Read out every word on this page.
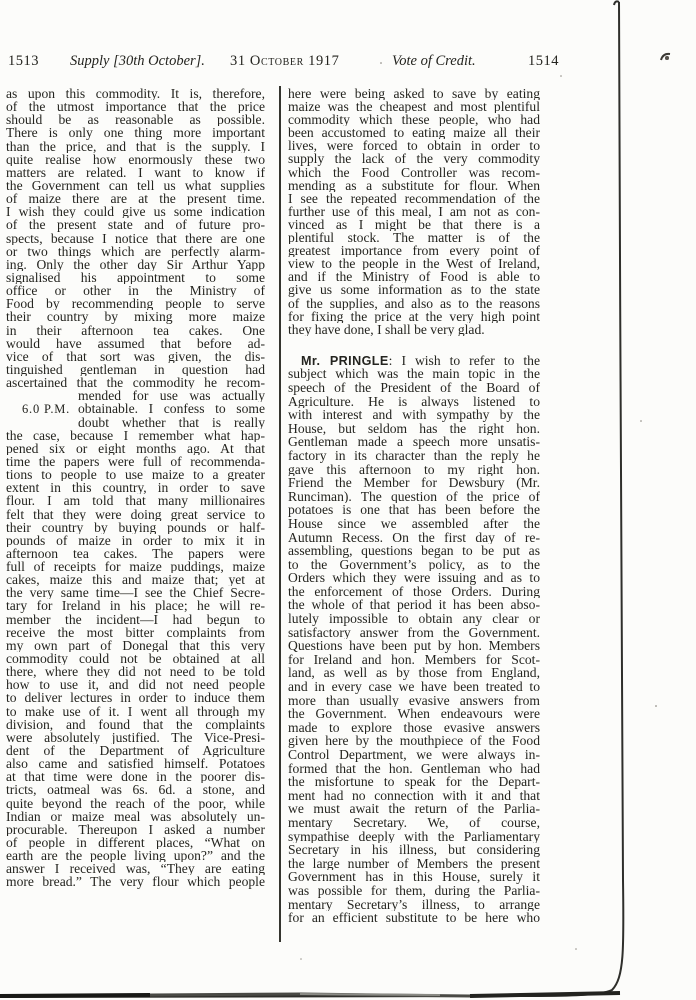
1513 Supply [30th October]. 31 October 1917	Vote of Credit.	1514
as upon this commodity. It is, therefore,
of the utmost importance that the price
should be as reasonable as possible.
There is only one thing more important
than the price, and that is the supply. I
quite realise how enormously these two
matters are related. I want to know if
the Government can tell us what supplies
of maize there are at the present time.
I wish they could give us some indication
of the present state and of future pro-
spects, because I notice that there are one
or two things which are perfectly alarm-
ing. Only the other day Sir Arthur Yapp
signalised his appointment to some
office or other in the Ministry of
Food by recommending people to serve
their country by mixing more maize
in their afternoon tea cakes. One
would have assumed that before ad-
vice of that sort was given, the dis-
tinguished gentleman in question had
ascertained that the commodity he recom-
6.0 P.M.
mended for use was actually
obtainable. I confess to some
doubt whether that is really
the case, because I remember what hap-
pened six or eight months ago. At that
time the papers were full of recommenda-
tions to people to use maize to a greater
extent in this country, in order to save
flour. I am told that many millionaires
felt that they were doing great service to
their country by buying pounds or half-
pounds of maize in order to mix it in
afternoon tea cakes. The papers were
full of receipts for maize puddings, maize
cakes, maize this and maize that; yet at
the very same time—I see the Chief Secre-
tary for Ireland in his place; he will re-
member the incident—I had begun to
receive the most bitter complaints from
my own part of Donegal that this very
commodity could not be obtained at all
there, where they did not need to be told
how to use it, and did not need people
to deliver lectures in order to induce them
to make use of it. I went all through my
division, and found that the complaints
were absolutely justified. The Vice-Presi-
dent of the Department of Agriculture
also came and satisfied himself. Potatoes
at that time were done in the poorer dis-
tricts, oatmeal was 6s. 6d. a stone, and
quite beyond the reach of the poor, while
Indian or maize meal was absolutely un-
procurable. Thereupon I asked a number
of people in different places, “What on
earth are the people living upon?” and the
answer I received was, “They are eating
more bread.” The very flour which people
here were being asked to save by eating
maize was the cheapest and most plentiful
commodity which these people, who had
been accustomed to eating maize all their
lives, were forced to obtain in order to
supply the lack of the very commodity
which the Food Controller was recom-
mending as a substitute for flour. When
I see the repeated recommendation of the
further use of this meal, I am not as con-
vinced as I might be that there is a
plentiful stock. The matter is of the
greatest importance from every point of
view to the people in the West of Ireland,
and if the Ministry of Food is able to
give us some information as to the state
of the supplies, and also as to the reasons
for fixing the price at the very high point
they have done, I shall be very glad.
Mr. PRINGLE: I wish to refer to the
subject which was the main topic in the
speech of the President of the Board of
Agriculture. He is always listened to
with interest and with sympathy by the
House, but seldom has the right hon.
Gentleman made a speech more unsatis-
factory in its character than the reply he
gave this afternoon to my right hon.
Friend the Member for Dewsbury (Mr.
Runciman). The question of the price of
potatoes is one that has been before the
House since we assembled after the
Autumn Recess. On the first day of re-
assembling, questions began to be put as
to the Government’s policy, as to the
Orders which they were issuing and as to
the enforcement of those Orders. During
the whole of that period it has been abso-
lutely impossible to obtain any clear or
satisfactory answer from the Government.
Questions have been put by hon. Members
for Ireland and hon. Members for Scot-
land, as well as by those from England,
and in every case we have been treated to
more than usually evasive answers from
the Government. When endeavours were
made to explore those evasive answers
given here by the mouthpiece of the Food
Control Department, we were always in-
formed that the hon. Gentleman who had
the misfortune to speak for the Depart-
ment had no connection with it and that
we must await the return of the Parlia-
mentary Secretary. We, of course,
sympathise deeply with the Parliamentary
Secretary in his illness, but considering
the large number of Members the present
Government has in this House, surely it
was possible for them, during the Parlia-
mentary Secretary’s illness, to arrange
for an efficient substitute to be here who
